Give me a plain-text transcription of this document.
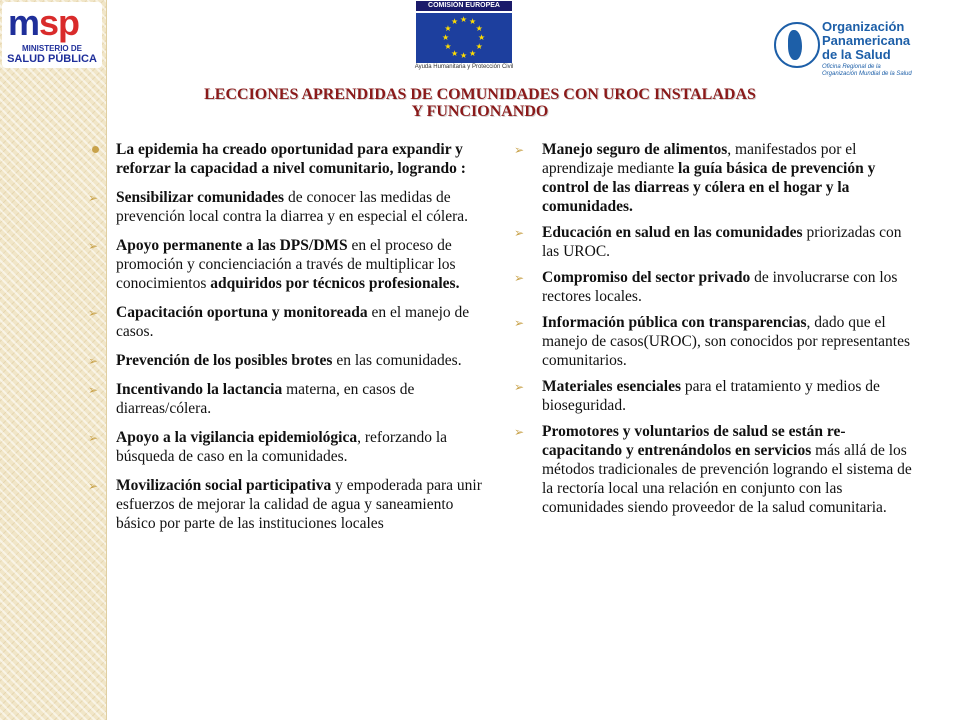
msp
MINISTERIO DE
SALUD PÚBLICA
COMISIÓN EUROPEA
★
★
★
★
★
★
★
★
★ ★ ★
★
Ayuda Humanitaria y Protección Civil
Organización
Panamericana
de la Salud
Oficina Regional de la
Organización Mundial de la Salud
LECCIONES APRENDIDAS DE COMUNIDADES CON UROC INSTALADAS
Y FUNCIONANDO
La epidemia ha creado oportunidad para expandir y reforzar la capacidad a nivel comunitario, logrando :
➢ Sensibilizar comunidades de conocer las medidas de prevención local contra la diarrea y en especial el cólera.
➢ Apoyo permanente a las DPS/DMS en el proceso de promoción y concienciación a través de multiplicar los conocimientos adquiridos por técnicos profesionales.
➢ Capacitación oportuna y monitoreada en el manejo de casos.
➢ Prevención de los posibles brotes en las comunidades.
➢ Incentivando la lactancia materna, en casos de diarreas/cólera.
➢ Apoyo a la vigilancia epidemiológica, reforzando la búsqueda de caso en la comunidades.
➢ Movilización social participativa y empoderada para unir esfuerzos de mejorar la calidad de agua y saneamiento básico por parte de las instituciones locales
➢ Manejo seguro de alimentos, manifestados por el aprendizaje mediante la guía básica de prevención y control de las diarreas y cólera en el hogar y la comunidades.
➢ Educación en salud en las comunidades priorizadas con las UROC.
➢ Compromiso del sector privado de involucrarse con los rectores locales.
➢ Información pública con transparencias, dado que el manejo de casos(UROC), son conocidos por representantes comunitarios.
➢ Materiales esenciales para el tratamiento y medios de bioseguridad.
➢ Promotores y voluntarios de salud se están re-capacitando y entrenándolos en servicios más allá de los métodos tradicionales de prevención logrando el sistema de la rectoría local una relación en conjunto con las comunidades siendo proveedor de la salud comunitaria.
